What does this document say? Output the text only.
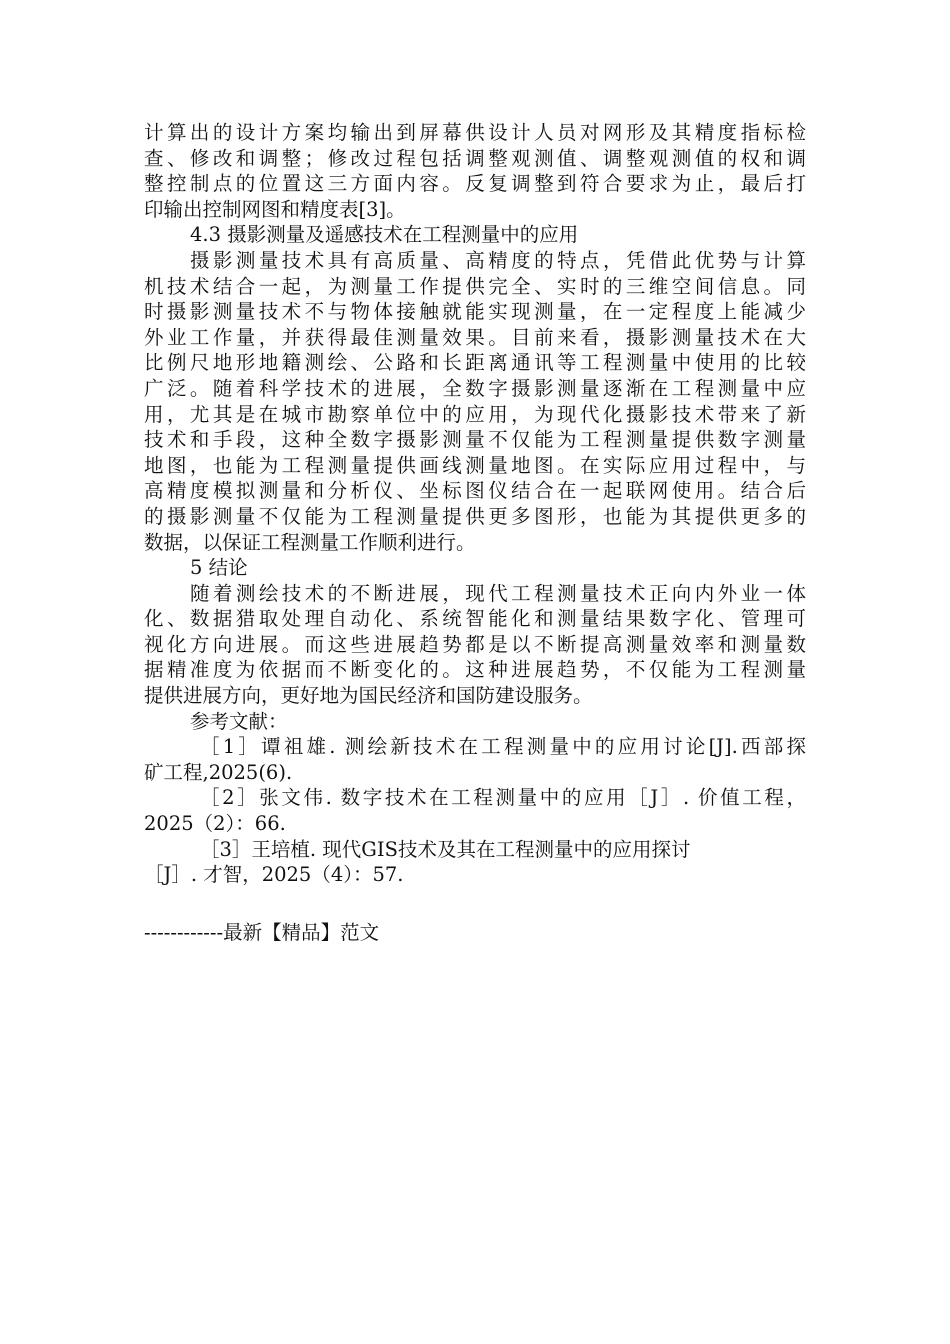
计算出的设计方案均输出到屏幕供设计人员对网形及其精度指标检

查、修改和调整；修改过程包括调整观测值、调整观测值的权和调

整控制点的位置这三方面内容。反复调整到符合要求为止，最后打

印输出控制网图和精度表[3]。

4.3 摄影测量及遥感技术在工程测量中的应用

摄影测量技术具有高质量、高精度的特点，凭借此优势与计算

机技术结合一起，为测量工作提供完全、实时的三维空间信息。同

时摄影测量技术不与物体接触就能实现测量，在一定程度上能减少

外业工作量，并获得最佳测量效果。目前来看，摄影测量技术在大

比例尺地形地籍测绘、公路和长距离通讯等工程测量中使用的比较

广泛。随着科学技术的进展，全数字摄影测量逐渐在工程测量中应

用，尤其是在城市勘察单位中的应用，为现代化摄影技术带来了新

技术和手段，这种全数字摄影测量不仅能为工程测量提供数字测量

地图，也能为工程测量提供画线测量地图。在实际应用过程中，与

高精度模拟测量和分析仪、坐标图仪结合在一起联网使用。结合后

的摄影测量不仅能为工程测量提供更多图形，也能为其提供更多的

数据，以保证工程测量工作顺利进行。

5 结论

随着测绘技术的不断进展，现代工程测量技术正向内外业一体

化、数据猎取处理自动化、系统智能化和测量结果数字化、管理可

视化方向进展。而这些进展趋势都是以不断提高测量效率和测量数

据精准度为依据而不断变化的。这种进展趋势，不仅能为工程测量

提供进展方向，更好地为国民经济和国防建设服务。

参考文献：

［1］谭祖雄. 测绘新技术在工程测量中的应用讨论[J].西部探

矿工程,2025(6).

［2］张文伟. 数字技术在工程测量中的应用［J］. 价值工程，

2025（2）：66.

［3］王培植. 现代GIS技术及其在工程测量中的应用探讨

［J］. 才智，2025（4）：57.

------------最新【精品】范文
